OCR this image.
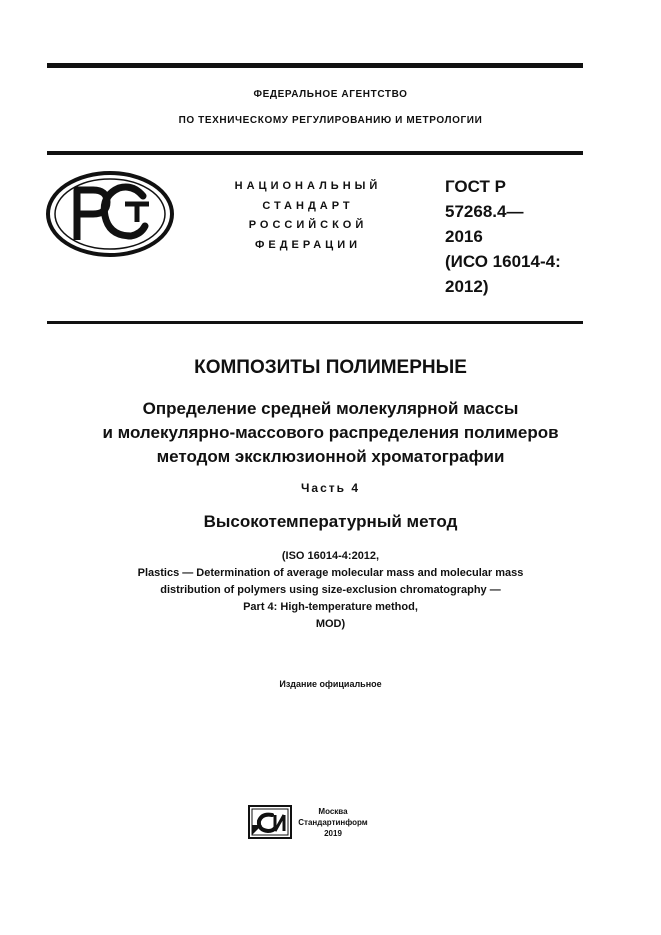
ФЕДЕРАЛЬНОЕ АГЕНТСТВО
ПО ТЕХНИЧЕСКОМУ РЕГУЛИРОВАНИЮ И МЕТРОЛОГИИ
НАЦИОНАЛЬНЫЙ
СТАНДАРТ
РОССИЙСКОЙ
ФЕДЕРАЦИИ
ГОСТ Р
57268.4—
2016
(ИСО 16014-4:
2012)
КОМПОЗИТЫ ПОЛИМЕРНЫЕ
Определение средней молекулярной массы
и молекулярно-массового распределения полимеров
методом эксклюзионной хроматографии
Часть 4
Высокотемпературный метод
(ISO 16014-4:2012,
Plastics — Determination of average molecular mass and molecular mass
distribution of polymers using size-exclusion chromatography —
Part 4: High-temperature method,
MOD)
Издание официальное
Москва
Стандартинформ
2019
